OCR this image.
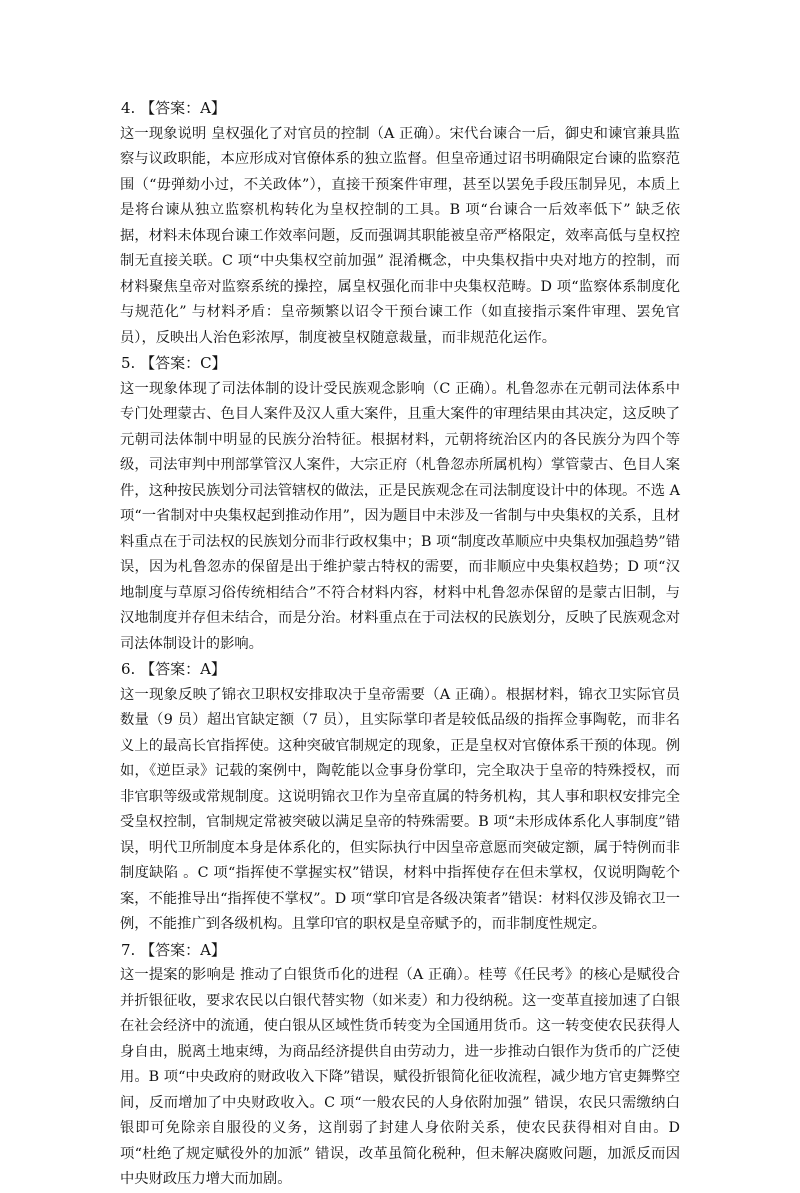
4. 【答案：A】

这一现象说明 皇权强化了对官员的控制（A 正确）。宋代台谏合一后，御史和谏官兼具监察与议政职能，本应形成对官僚体系的独立监督。但皇帝通过诏书明确限定台谏的监察范围（“毋弹劾小过，不关政体”），直接干预案件审理，甚至以罢免手段压制异见，本质上是将台谏从独立监察机构转化为皇权控制的工具。B 项“台谏合一后效率低下” 缺乏依据，材料未体现台谏工作效率问题，反而强调其职能被皇帝严格限定，效率高低与皇权控制无直接关联。C 项“中央集权空前加强” 混淆概念，中央集权指中央对地方的控制，而材料聚焦皇帝对监察系统的操控，属皇权强化而非中央集权范畴。D 项“监察体系制度化与规范化” 与材料矛盾：皇帝频繁以诏令干预台谏工作（如直接指示案件审理、罢免官员），反映出人治色彩浓厚，制度被皇权随意裁量，而非规范化运作。

5. 【答案：C】

这一现象体现了司法体制的设计受民族观念影响（C 正确）。札鲁忽赤在元朝司法体系中专门处理蒙古、色目人案件及汉人重大案件，且重大案件的审理结果由其决定，这反映了元朝司法体制中明显的民族分治特征。根据材料，元朝将统治区内的各民族分为四个等级，司法审判中刑部掌管汉人案件，大宗正府（札鲁忽赤所属机构）掌管蒙古、色目人案件，这种按民族划分司法管辖权的做法，正是民族观念在司法制度设计中的体现。不选 A 项“一省制对中央集权起到推动作用”，因为题目中未涉及一省制与中央集权的关系，且材料重点在于司法权的民族划分而非行政权集中；B 项“制度改革顺应中央集权加强趋势”错误，因为札鲁忽赤的保留是出于维护蒙古特权的需要，而非顺应中央集权趋势；D 项“汉地制度与草原习俗传统相结合”不符合材料内容，材料中札鲁忽赤保留的是蒙古旧制，与汉地制度并存但未结合，而是分治。材料重点在于司法权的民族划分，反映了民族观念对司法体制设计的影响。

6. 【答案：A】

这一现象反映了锦衣卫职权安排取决于皇帝需要（A 正确）。根据材料，锦衣卫实际官员数量（9 员）超出官缺定额（7 员），且实际掌印者是较低品级的指挥佥事陶乾，而非名义上的最高长官指挥使。这种突破官制规定的现象，正是皇权对官僚体系干预的体现。例如，《逆臣录》记载的案例中，陶乾能以佥事身份掌印，完全取决于皇帝的特殊授权，而非官职等级或常规制度。这说明锦衣卫作为皇帝直属的特务机构，其人事和职权安排完全受皇权控制，官制规定常被突破以满足皇帝的特殊需要。B 项“未形成体系化人事制度”错误，明代卫所制度本身是体系化的，但实际执行中因皇帝意愿而突破定额，属于特例而非制度缺陷 。C 项“指挥使不掌握实权”错误，材料中指挥使存在但未掌权，仅说明陶乾个案，不能推导出“指挥使不掌权”。D 项“掌印官是各级决策者”错误：材料仅涉及锦衣卫一例，不能推广到各级机构。且掌印官的职权是皇帝赋予的，而非制度性规定。

7. 【答案：A】

这一提案的影响是 推动了白银货币化的进程（A 正确）。桂萼《任民考》的核心是赋役合并折银征收，要求农民以白银代替实物（如米麦）和力役纳税。这一变革直接加速了白银在社会经济中的流通，使白银从区域性货币转变为全国通用货币。这一转变使农民获得人身自由，脱离土地束缚，为商品经济提供自由劳动力，进一步推动白银作为货币的广泛使用。B 项“中央政府的财政收入下降”错误，赋役折银简化征收流程，减少地方官吏舞弊空间，反而增加了中央财政收入。C 项“一般农民的人身依附加强” 错误，农民只需缴纳白银即可免除亲自服役的义务，这削弱了封建人身依附关系，使农民获得相对自由。D 项“杜绝了规定赋役外的加派” 错误，改革虽简化税种，但未解决腐败问题，加派反而因中央财政压力增大而加剧。
